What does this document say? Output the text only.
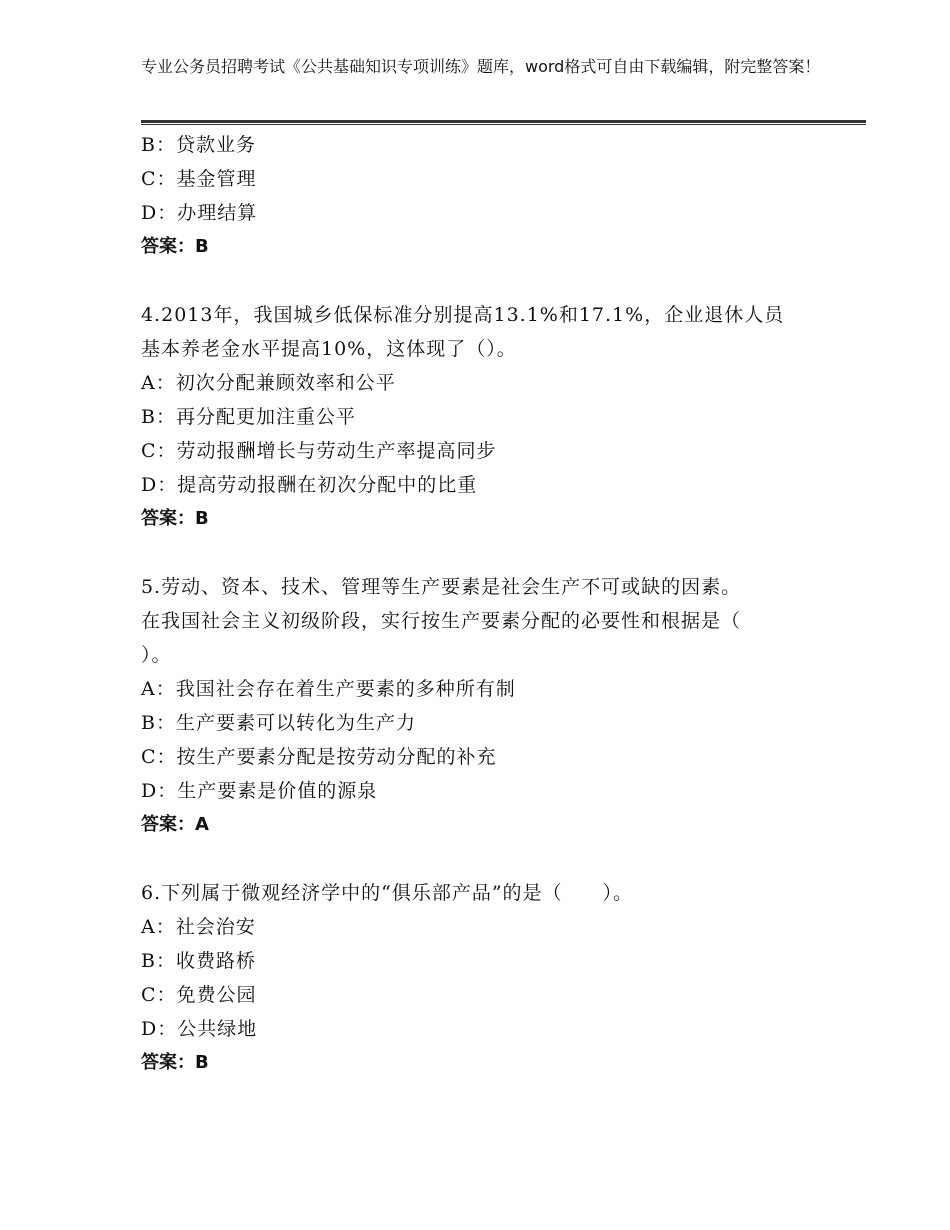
专业公务员招聘考试《公共基础知识专项训练》题库，word格式可自由下载编辑，附完整答案！
B：贷款业务
C：基金管理
D：办理结算
答案：B
4.2013年，我国城乡低保标准分别提高13.1%和17.1%，企业退休人员
基本养老金水平提高10%，这体现了（）。
A：初次分配兼顾效率和公平
B：再分配更加注重公平
C：劳动报酬增长与劳动生产率提高同步
D：提高劳动报酬在初次分配中的比重
答案：B
5.劳动、资本、技术、管理等生产要素是社会生产不可或缺的因素。
在我国社会主义初级阶段，实行按生产要素分配的必要性和根据是（
）。
A：我国社会存在着生产要素的多种所有制
B：生产要素可以转化为生产力
C：按生产要素分配是按劳动分配的补充
D：生产要素是价值的源泉
答案：A
6.下列属于微观经济学中的“俱乐部产品”的是（　　）。
A：社会治安
B：收费路桥
C：免费公园
D：公共绿地
答案：B
